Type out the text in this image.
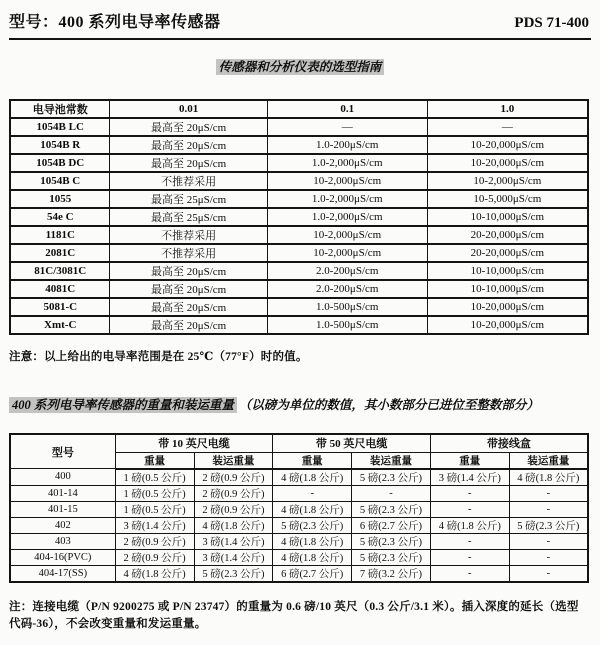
型号：400 系列电导率传感器	PDS 71-400
传感器和分析仪表的选型指南
电导池常数	0.01	0.1	1.0
1054B LC	最高至 20μS/cm	—	—
1054B R	最高至 20μS/cm	1.0-200μS/cm	10-20,000μS/cm
1054B DC	最高至 20μS/cm	1.0-2,000μS/cm	10-20,000μS/cm
1054B C	不推荐采用	10-2,000μS/cm	10-2,000μS/cm
1055	最高至 25μS/cm	1.0-2,000μS/cm	10-5,000μS/cm
54e C	最高至 25μS/cm	1.0-2,000μS/cm	10-10,000μS/cm
1181C	不推荐采用	10-2,000μS/cm	20-20,000μS/cm
2081C	不推荐采用	10-2,000μS/cm	20-20,000μS/cm
81C/3081C	最高至 20μS/cm	2.0-200μS/cm	10-10,000μS/cm
4081C	最高至 20μS/cm	2.0-200μS/cm	10-10,000μS/cm
5081-C	最高至 20μS/cm	1.0-500μS/cm	10-20,000μS/cm
Xmt-C	最高至 20μS/cm	1.0-500μS/cm	10-20,000μS/cm
注意：以上给出的电导率范围是在 25℃（77°F）时的值。
400 系列电导率传感器的重量和装运重量 （以磅为单位的数值，其小数部分已进位至整数部分）
型号	带 10 英尺电缆		带 50 英尺电缆		带接线盒	
	重量	装运重量	重量	装运重量	重量	装运重量
400	1 磅(0.5 公斤)	2 磅(0.9 公斤)	4 磅(1.8 公斤)	5 磅(2.3 公斤)	3 磅(1.4 公斤)	4 磅(1.8 公斤)
401-14	1 磅(0.5 公斤)	2 磅(0.9 公斤)	-	-	-	-
401-15	1 磅(0.5 公斤)	2 磅(0.9 公斤)	4 磅(1.8 公斤)	5 磅(2.3 公斤)	-	-
402	3 磅(1.4 公斤)	4 磅(1.8 公斤)	5 磅(2.3 公斤)	6 磅(2.7 公斤)	4 磅(1.8 公斤)	5 磅(2.3 公斤)
403	2 磅(0.9 公斤)	3 磅(1.4 公斤)	4 磅(1.8 公斤)	5 磅(2.3 公斤)	-	-
404-16(PVC)	2 磅(0.9 公斤)	3 磅(1.4 公斤)	4 磅(1.8 公斤)	5 磅(2.3 公斤)	-	-
404-17(SS)	4 磅(1.8 公斤)	5 磅(2.3 公斤)	6 磅(2.7 公斤)	7 磅(3.2 公斤)	-	-
注：连接电缆（P/N 9200275 或 P/N 23747）的重量为 0.6 磅/10 英尺（0.3 公斤/3.1 米）。插入深度的延长（选型代码-36），不会改变重量和发运重量。
